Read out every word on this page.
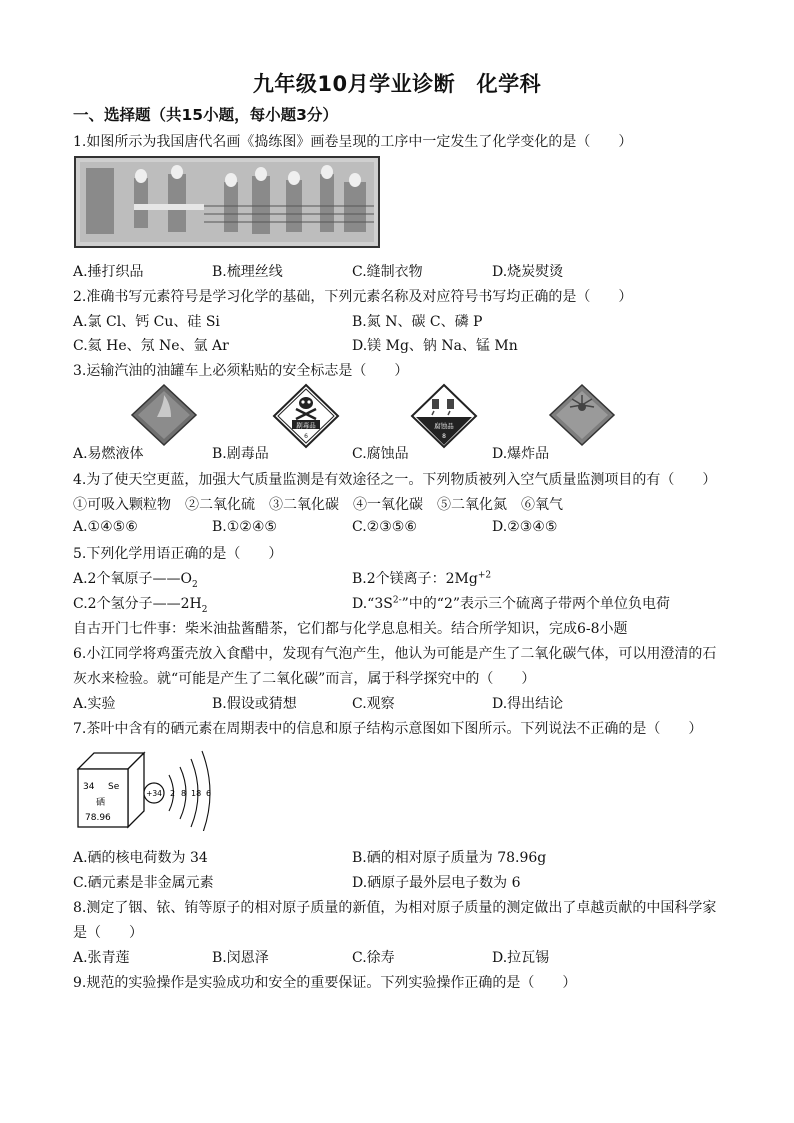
九年级10月学业诊断　化学科
一、选择题（共15小题，每小题3分）
1.如图所示为我国唐代名画《捣练图》画卷呈现的工序中一定发生了化学变化的是（　　）
A.捶打织品	B.梳理丝线	C.缝制衣物	D.烧炭熨烫
2.准确书写元素符号是学习化学的基础，下列元素名称及对应符号书写均正确的是（　　）
A.氯 Cl、钙 Cu、硅 Si	B.氮 N、碳 C、磷 P
C.氦 He、氖 Ne、氩 Ar	D.镁 Mg、钠 Na、锰 Mn
3.运输汽油的油罐车上必须粘贴的安全标志是（　　）
剧毒品
6
腐蚀品
8
A.易燃液体	B.剧毒品	C.腐蚀品	D.爆炸品
4.为了使天空更蓝，加强大气质量监测是有效途径之一。下列物质被列入空气质量监测项目的有（　　）
①可吸入颗粒物　②二氧化硫　③二氧化碳　④一氧化碳　⑤二氧化氮　⑥氧气
A.①④⑤⑥	B.①②④⑤	C.②③⑤⑥	D.②③④⑤
5.下列化学用语正确的是（　　）
A.2个氧原子$——O_2$	B.2个镁离子：$2Mg^{+2}$
C.2个氢分子$——2H_2$	$D.“3S^{2-}$”中的“2”表示三个硫离子带两个单位负电荷
自古开门七件事：柴米油盐酱醋茶，它们都与化学息息相关。结合所学知识，完成6-8小题
6.小江同学将鸡蛋壳放入食醋中，发现有气泡产生，他认为可能是产生了二氧化碳气体，可以用澄清的石
灰水来检验。就“可能是产生了二氧化碳”而言，属于科学探究中的（　　）
A.实验	B.假设或猜想	C.观察	D.得出结论
7.茶叶中含有的硒元素在周期表中的信息和原子结构示意图如下图所示。下列说法不正确的是（　　）
34 Se
硒
78.96
+34 2 8 18 6
A.硒的核电荷数为 34	B.硒的相对原子质量为 78.96g
C.硒元素是非金属元素	D.硒原子最外层电子数为 6
8.测定了铟、铱、铕等原子的相对原子质量的新值，为相对原子质量的测定做出了卓越贡献的中国科学家
是（　　）
A.张青莲	B.闵恩泽	C.徐寿	D.拉瓦锡
9.规范的实验操作是实验成功和安全的重要保证。下列实验操作正确的是（　　）
